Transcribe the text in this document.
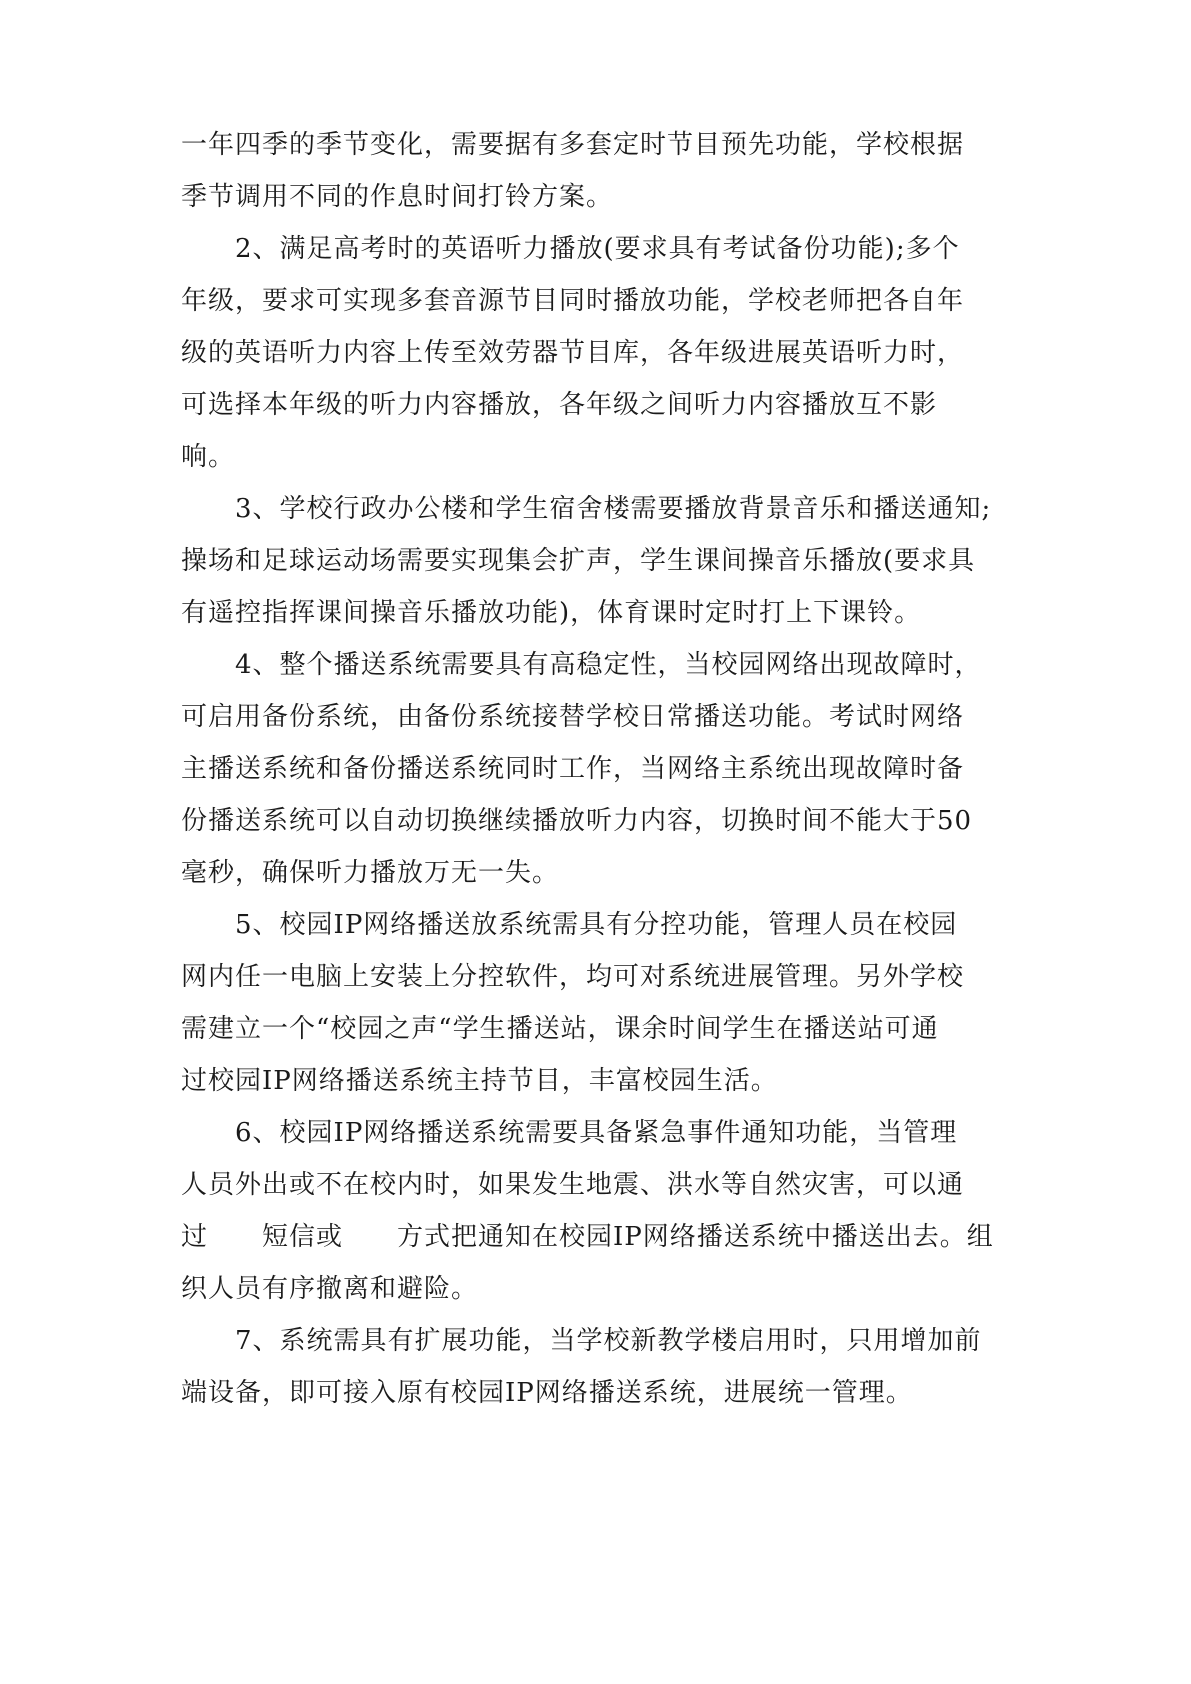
一年四季的季节变化，需要据有多套定时节目预先功能，学校根据
季节调用不同的作息时间打铃方案。
　　2、满足高考时的英语听力播放(要求具有考试备份功能);多个
年级，要求可实现多套音源节目同时播放功能，学校老师把各自年
级的英语听力内容上传至效劳器节目库，各年级进展英语听力时，
可选择本年级的听力内容播放，各年级之间听力内容播放互不影
响。
　　3、学校行政办公楼和学生宿舍楼需要播放背景音乐和播送通知;
操场和足球运动场需要实现集会扩声，学生课间操音乐播放(要求具
有遥控指挥课间操音乐播放功能)，体育课时定时打上下课铃。
　　4、整个播送系统需要具有高稳定性，当校园网络出现故障时，
可启用备份系统，由备份系统接替学校日常播送功能。考试时网络
主播送系统和备份播送系统同时工作，当网络主系统出现故障时备
份播送系统可以自动切换继续播放听力内容，切换时间不能大于50
毫秒，确保听力播放万无一失。
　　5、校园IP网络播送放系统需具有分控功能，管理人员在校园
网内任一电脑上安装上分控软件，均可对系统进展管理。另外学校
需建立一个“校园之声“学生播送站，课余时间学生在播送站可通
过校园IP网络播送系统主持节目，丰富校园生活。
　　6、校园IP网络播送系统需要具备紧急事件通知功能，当管理
人员外出或不在校内时，如果发生地震、洪水等自然灾害，可以通
过　　短信或　　方式把通知在校园IP网络播送系统中播送出去。组
织人员有序撤离和避险。
　　7、系统需具有扩展功能，当学校新教学楼启用时，只用增加前
端设备，即可接入原有校园IP网络播送系统，进展统一管理。
